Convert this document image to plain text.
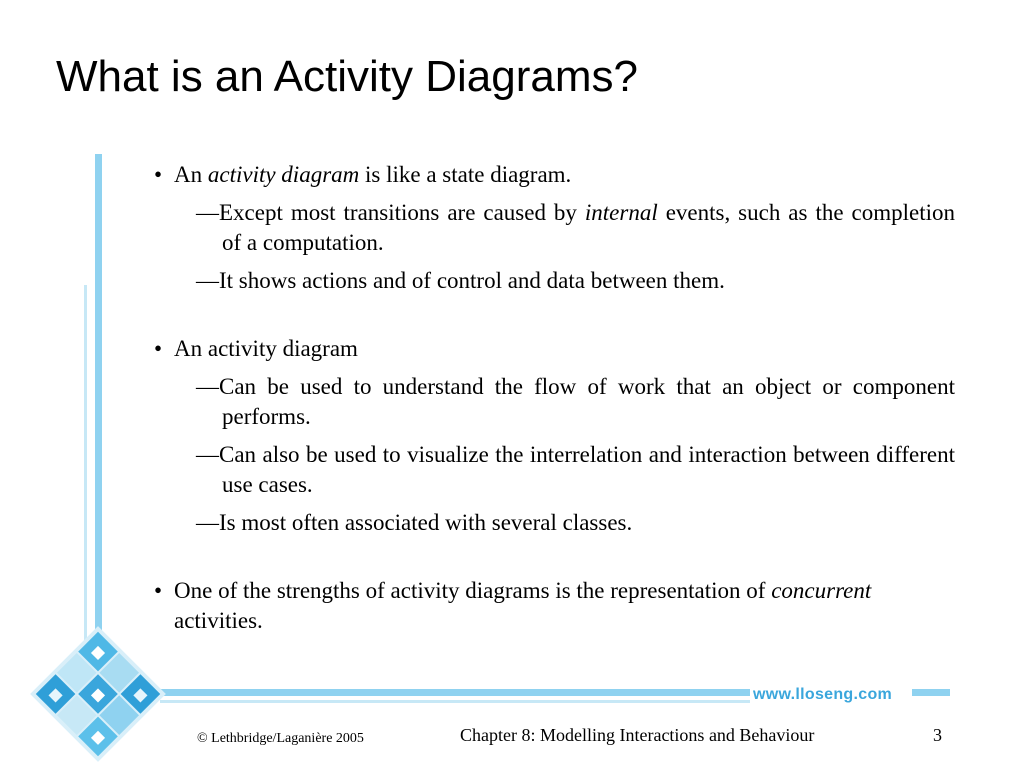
What is an Activity Diagrams?
www.lloseng.com
• An activity diagram is like a state diagram.
—Except most transitions are caused by internal events, such as the completion of a computation.
—It shows actions and of control and data between them.
• An activity diagram
—Can be used to understand the flow of work that an object or component performs.
—Can also be used to visualize the interrelation and interaction between different use cases.
—Is most often associated with several classes.
• One of the strengths of activity diagrams is the representation of concurrent activities.
© Lethbridge/Laganière 2005	Chapter 8: Modelling Interactions and Behaviour	3
